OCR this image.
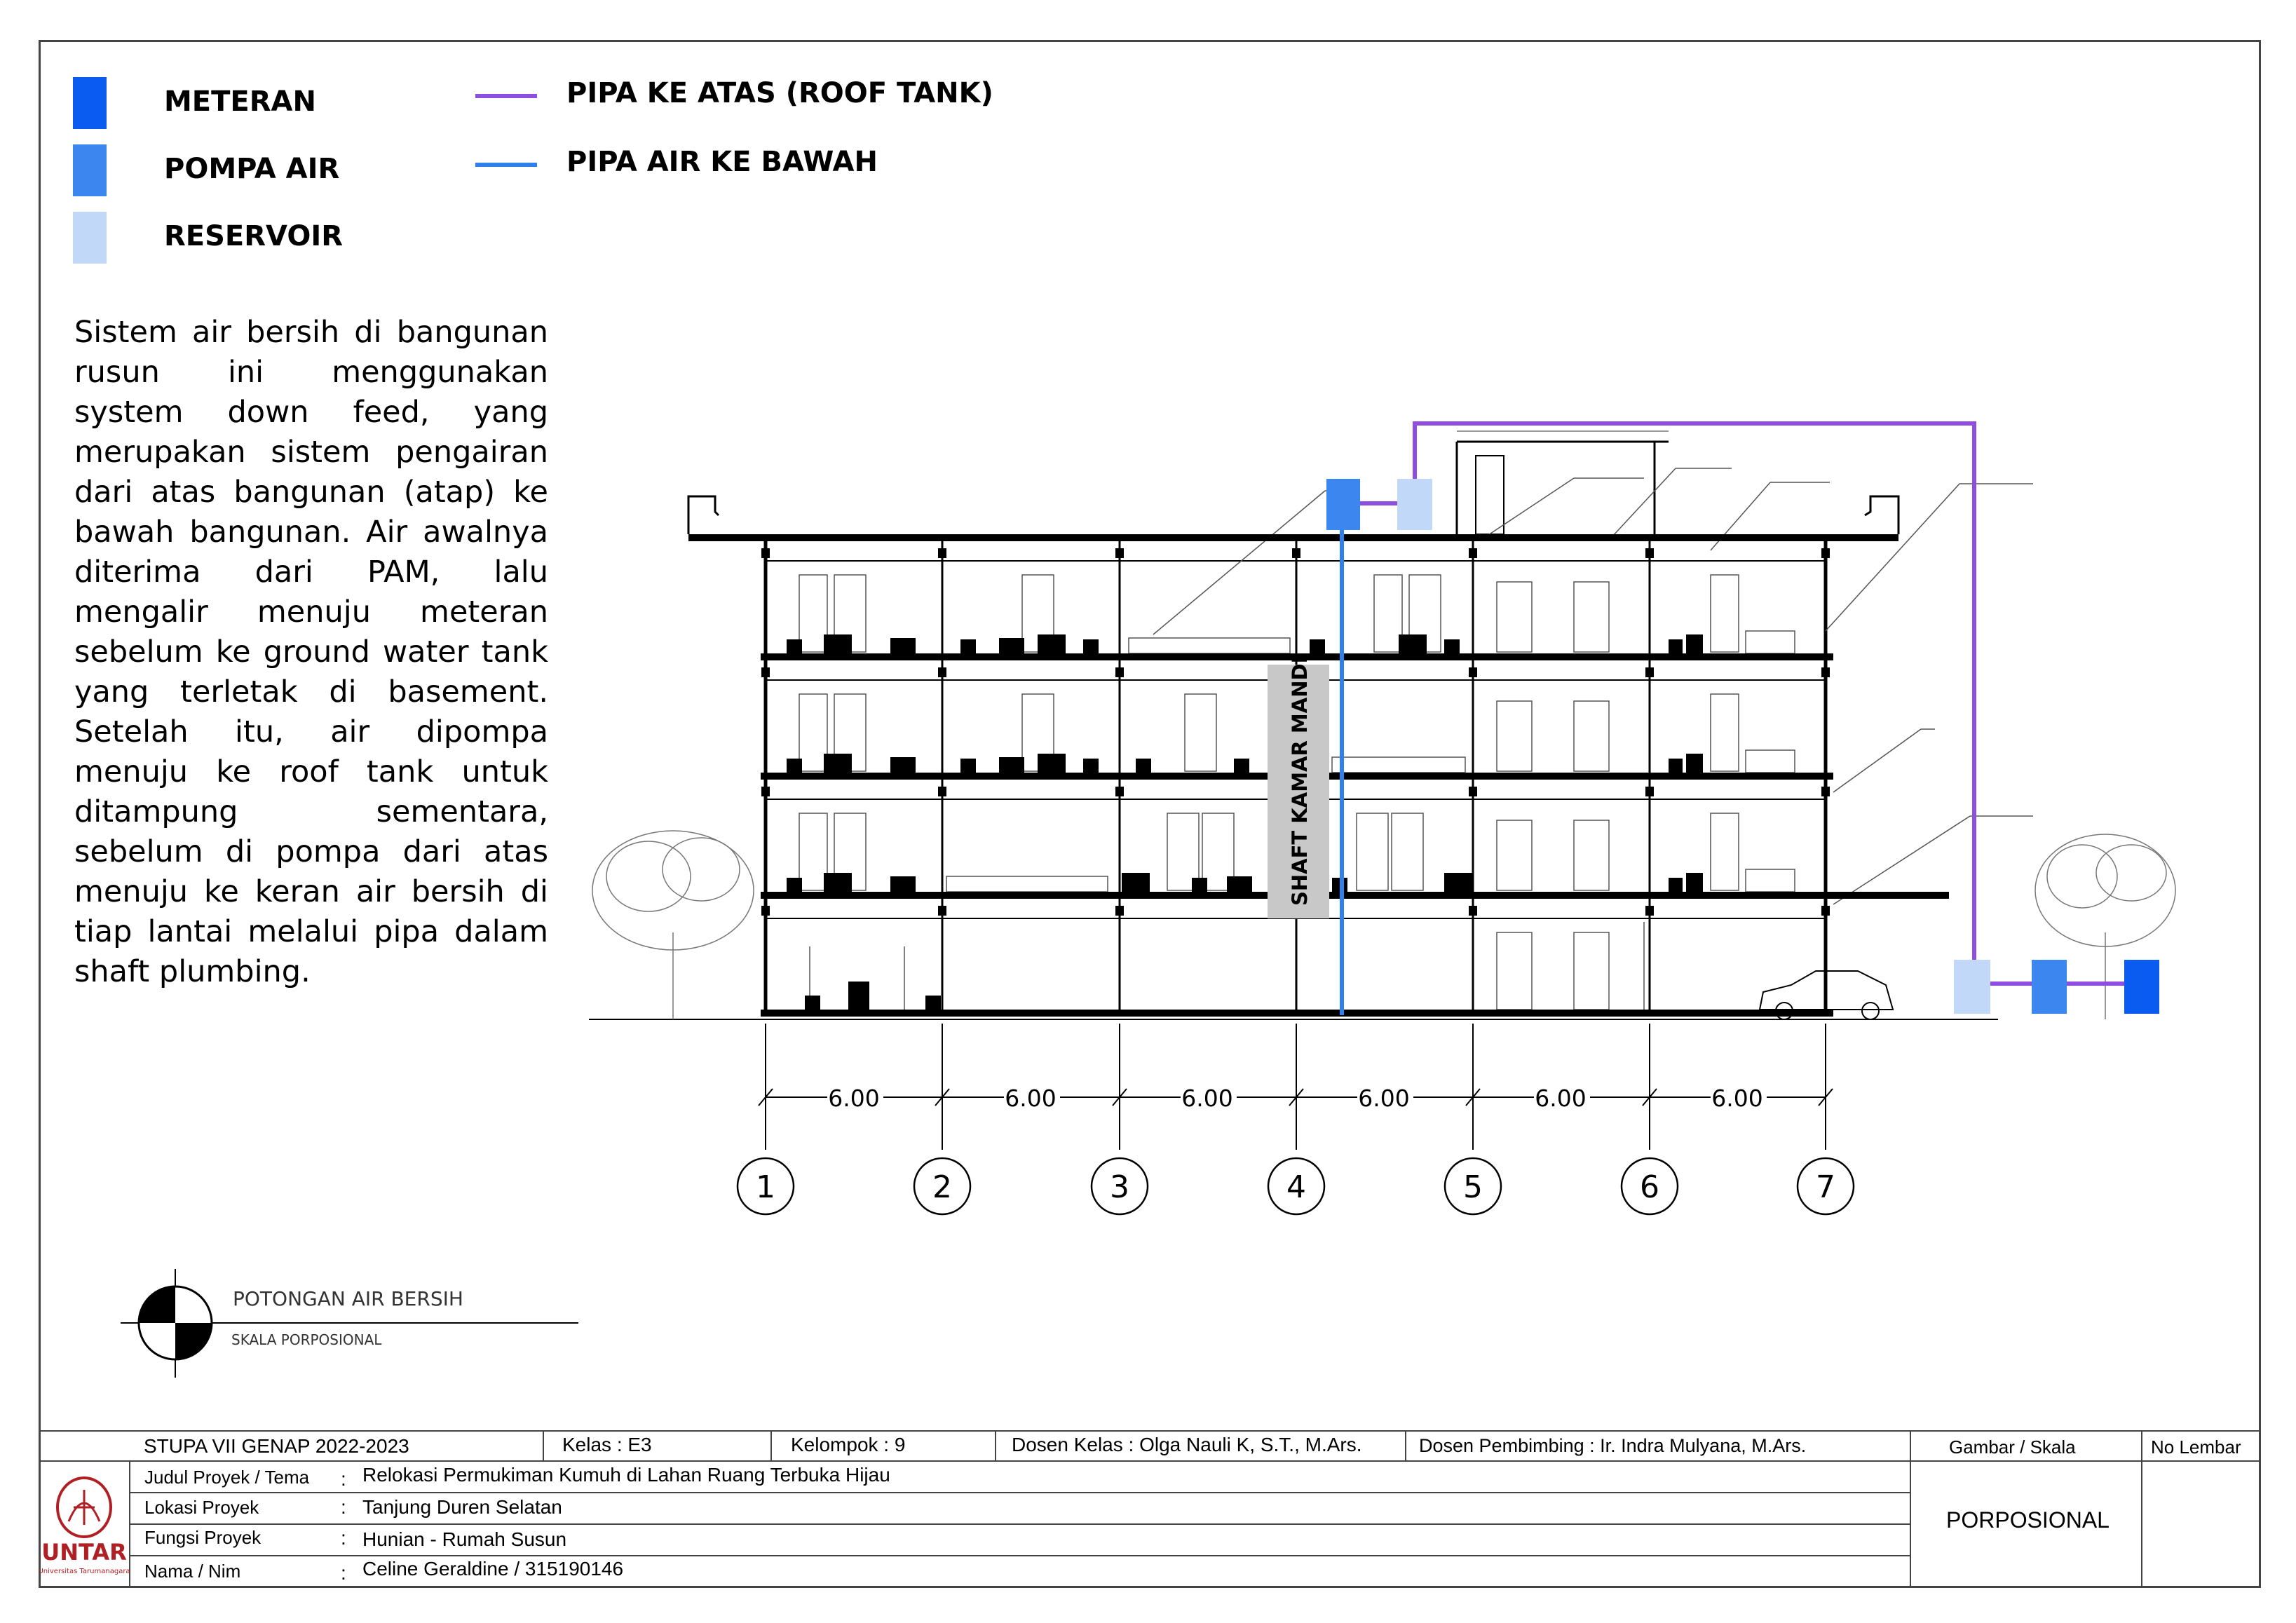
METERAN
POMPA AIR
RESERVOIR
PIPA KE ATAS (ROOF TANK)
PIPA AIR KE BAWAH
Sistem air bersih di bangunan rusun ini menggunakan system down feed, yang merupakan sistem pengairan dari atas bangunan (atap) ke bawah bangunan. Air awalnya diterima dari PAM, lalu mengalir menuju meteran sebelum ke ground water tank yang terletak di basement. Setelah itu, air dipompa menuju ke roof tank untuk ditampung sementara, sebelum di pompa dari atas menuju ke keran air bersih di tiap lantai melalui pipa dalam shaft plumbing.
SHAFT KAMAR MANDI
6.00	6.00	6.00	6.00	6.00	6.00
1	2	3	4	5	6	7
POTONGAN AIR BERSIH
SKALA PORPOSIONAL
UNTAR
Universitas Tarumanagara
STUPA VII GENAP 2022-2023	Kelas : E3	Kelompok : 9	Dosen Kelas : Olga Nauli K, S.T., M.Ars.	Dosen Pembimbing : Ir. Indra Mulyana, M.Ars.	Gambar / Skala	No Lembar
Judul Proyek / Tema : Relokasi Permukiman Kumuh di Lahan Ruang Terbuka Hijau
Lokasi Proyek	: Tanjung Duren Selatan
Fungsi Proyek	: Hunian - Rumah Susun
Nama / Nim	: Celine Geraldine / 315190146
PORPOSIONAL
